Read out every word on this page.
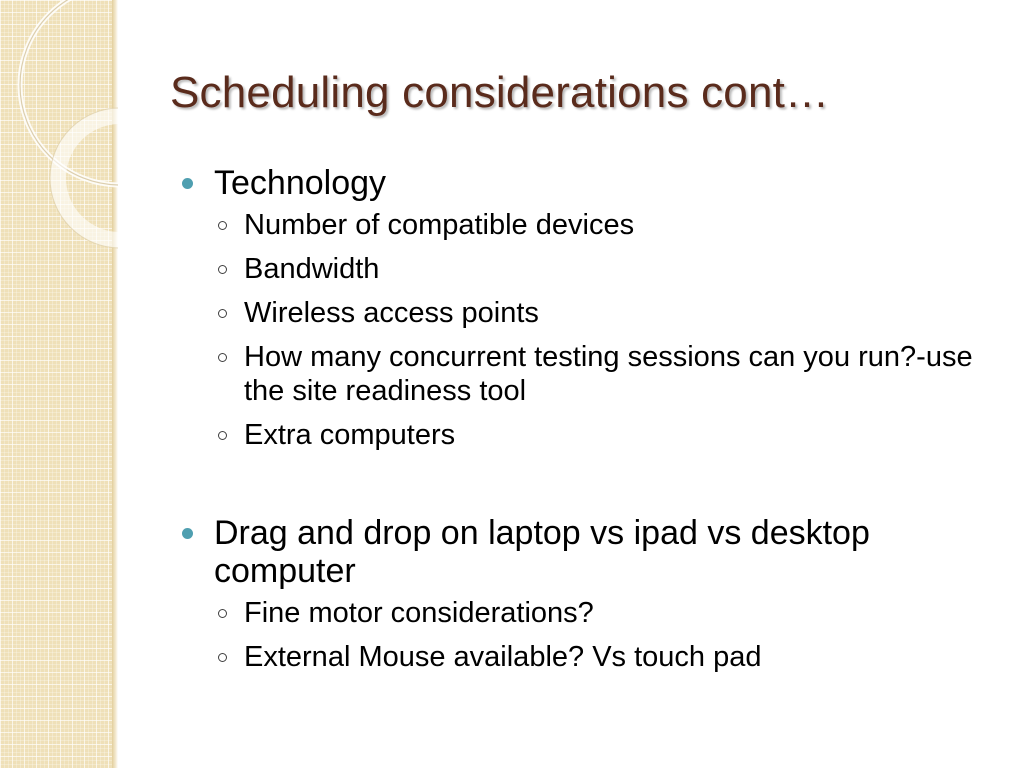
Scheduling considerations cont…
Technology
Number of compatible devices
Bandwidth
Wireless access points
How many concurrent testing sessions can you run?-use the site readiness tool
Extra computers
Drag and drop on laptop vs ipad vs desktop computer
Fine motor considerations?
External Mouse available? Vs touch pad
